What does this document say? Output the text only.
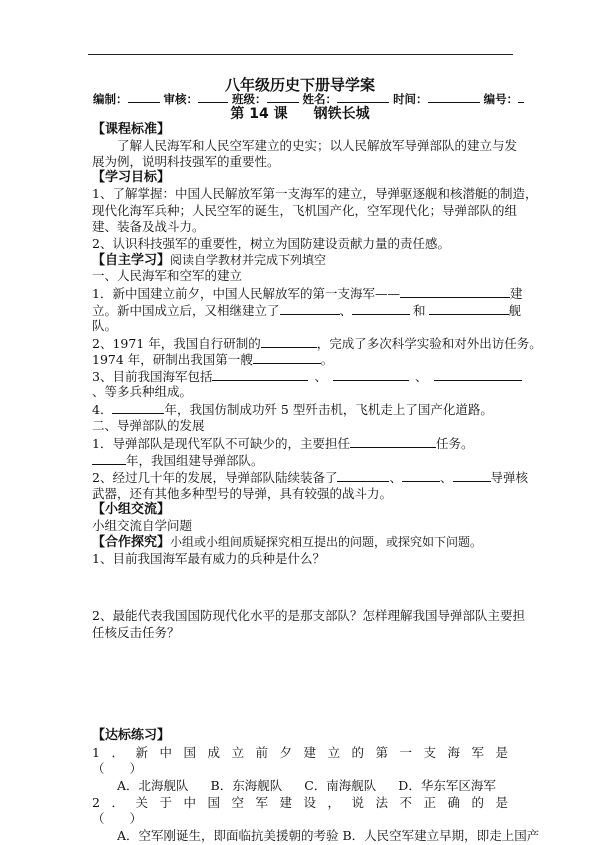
八年级历史下册导学案
编制：	审核：	班级：	姓名：	时间：	编号：
第 14 课 钢铁长城
【课程标准】
了解人民海军和人民空军建立的史实；以人民解放军导弹部队的建立与发
展为例，说明科技强军的重要性。
【学习目标】
1、了解掌握：中国人民解放军第一支海军的建立，导弹驱逐舰和核潜艇的制造，
现代化海军兵种；人民空军的诞生，飞机国产化，空军现代化；导弹部队的组
建、装备及战斗力。
2、认识科技强军的重要性，树立为国防建设贡献力量的责任感。
【自主学习】阅读自学教材并完成下列填空
一、人民海军和空军的建立
1．新中国建立前夕，中国人民解放军的第一支海军——	建
立。新中国成立后，又相继建立了	、	和	舰
队。
2、1971 年，我国自行研制的	，完成了多次科学实验和对外出访任务。
1974 年，研制出我国第一艘	。
3、目前我国海军包括	、	、
、等多兵种组成。
4．	年，我国仿制成功歼 5 型歼击机，飞机走上了国产化道路。
二、导弹部队的发展
1．导弹部队是现代军队不可缺少的，主要担任	任务。
年，我国组建导弹部队。
2、经过几十年的发展，导弹部队陆续装备了	、	、	导弹核
武器，还有其他多种型号的导弹，具有较强的战斗力。
【小组交流】
小组交流自学问题
【合作探究】小组或小组间质疑探究相互提出的问题，或探究如下问题。
1、目前我国海军最有威力的兵种是什么？
2、最能代表我国国防现代化水平的是那支部队？怎样理解我国导弹部队主要担
任核反击任务？
【达标练习】
1．新中国成立前夕建立的第一支海军是
（　　）
A．北海舰队 B．东海舰队 C．南海舰队 D．华东军区海军
2．关于中国空军建设，说法不正确的是
（　　）
A．空军刚诞生，即面临抗美援朝的考验 B．人民空军建立早期，即走上国产
